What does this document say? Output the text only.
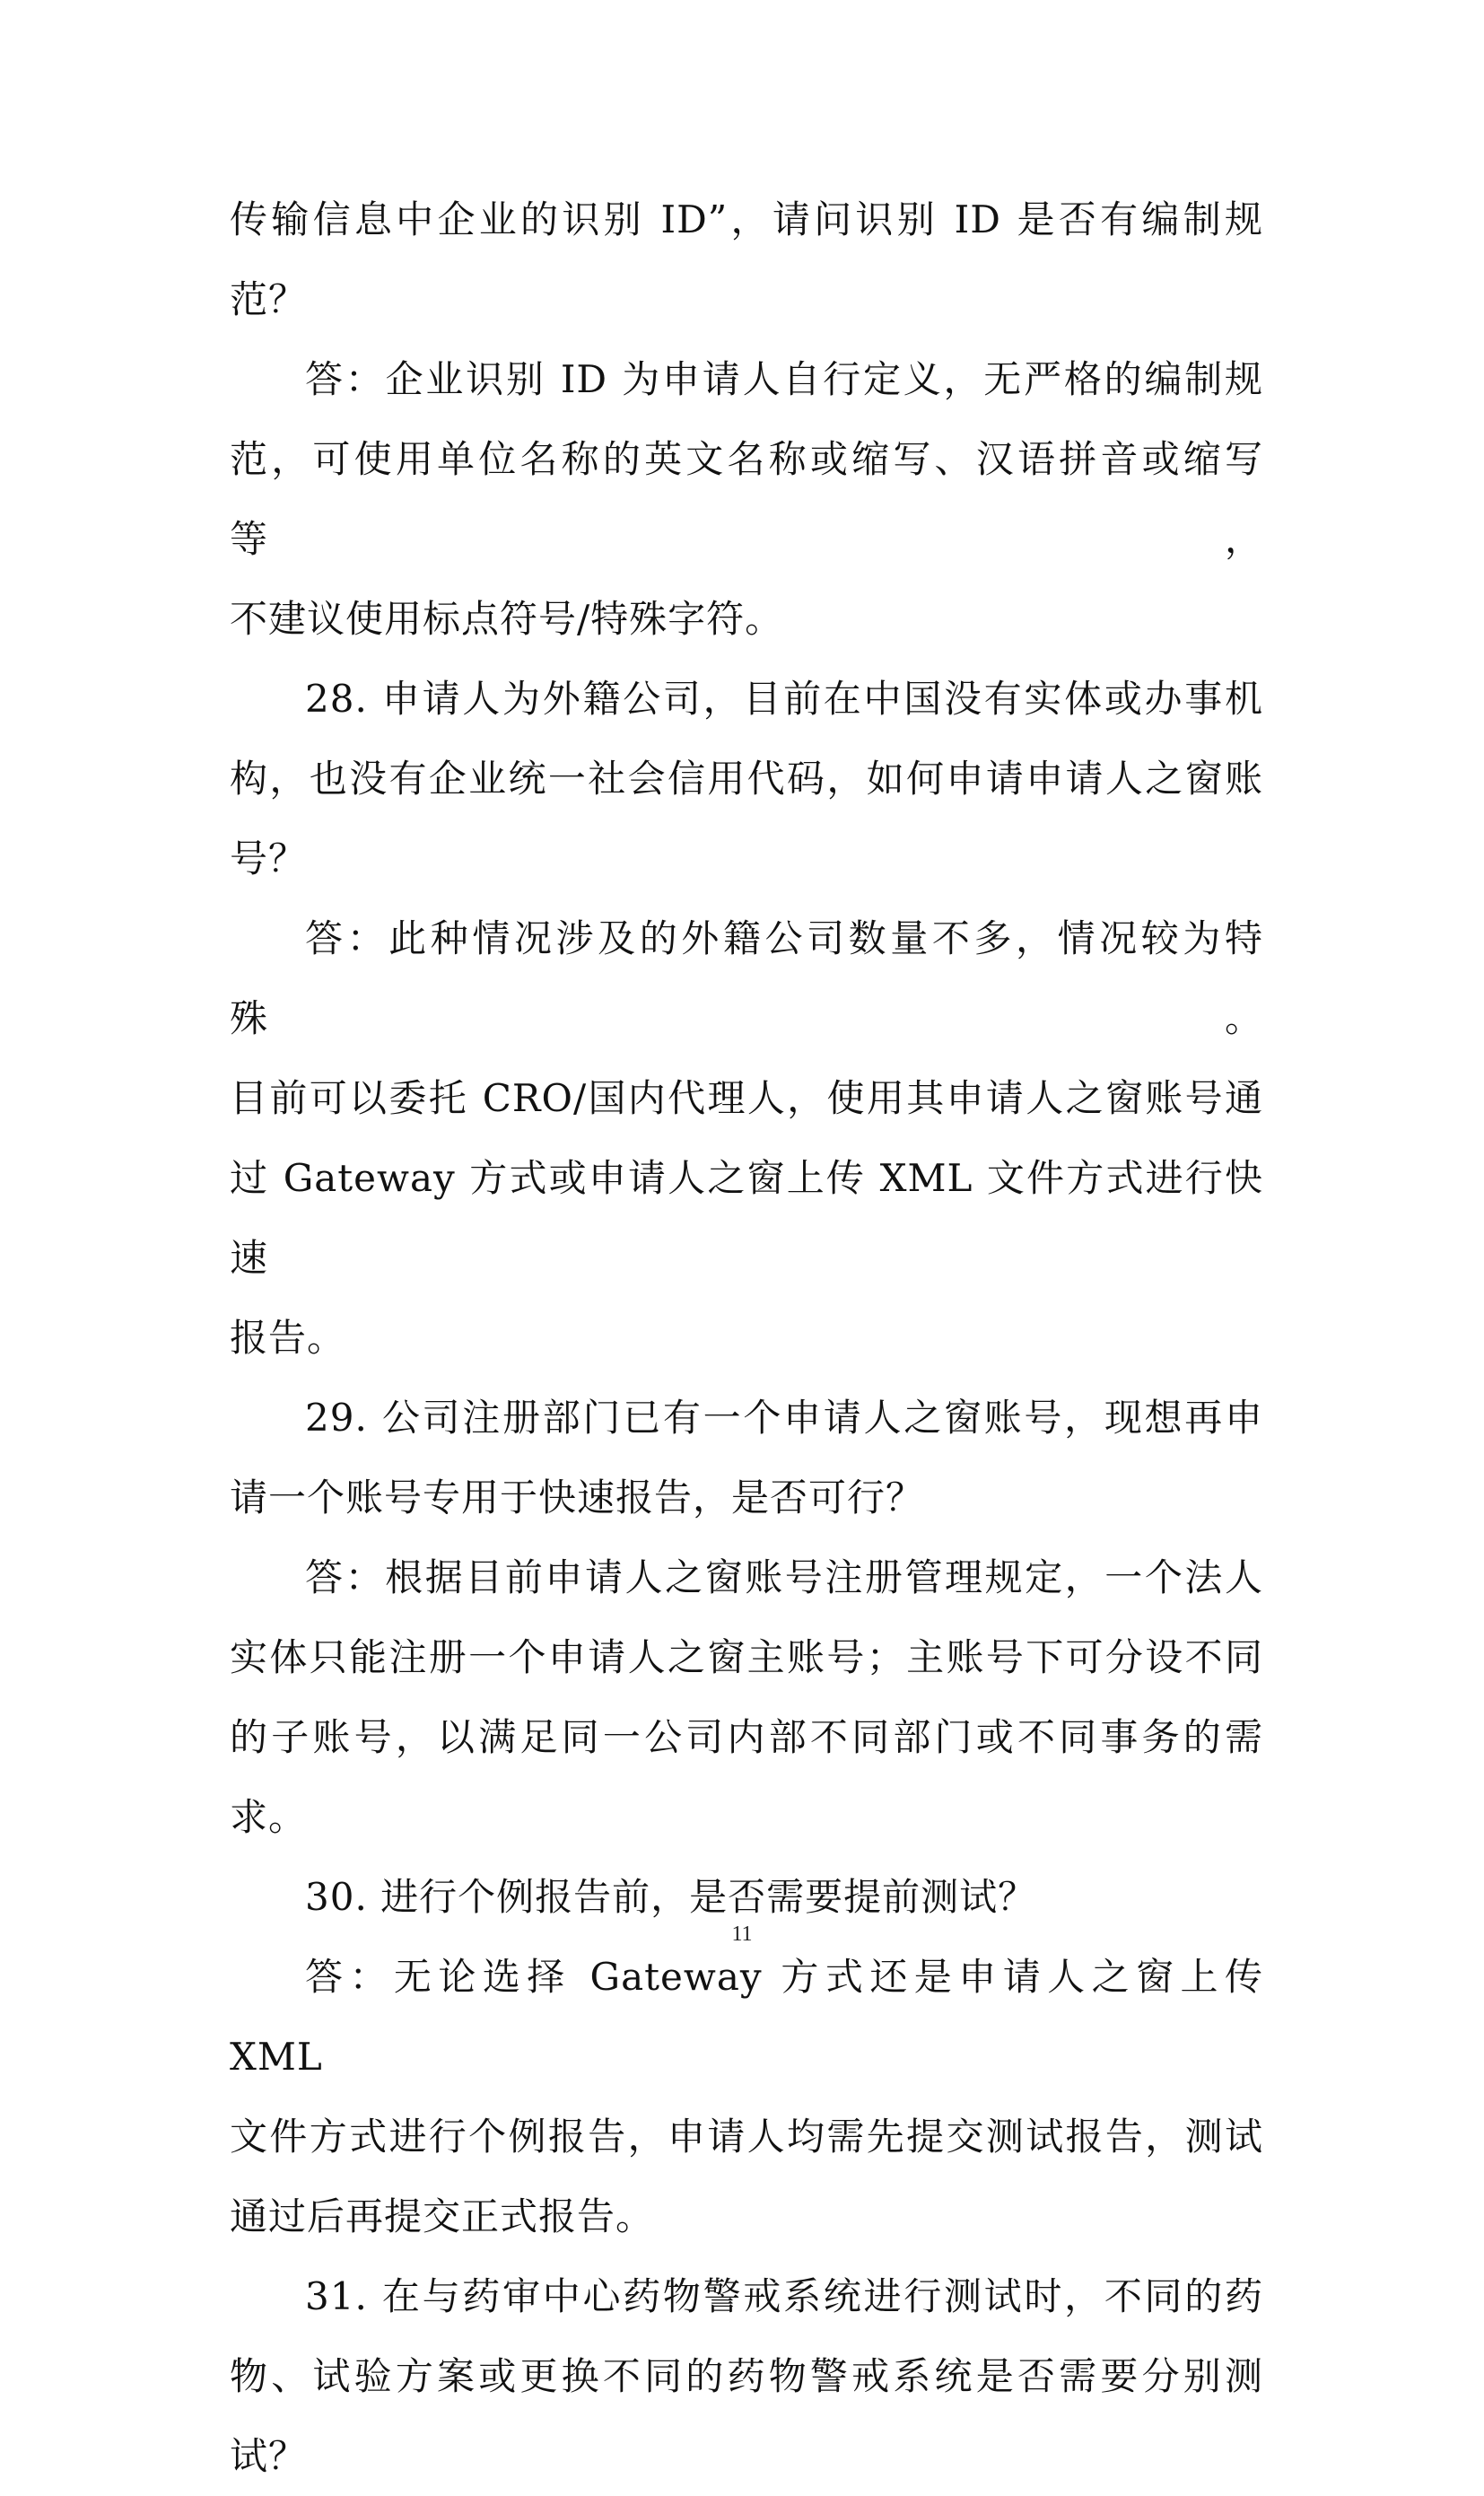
传输信息中企业的识别 ID”，请问识别 ID 是否有编制规范？

答：企业识别 ID 为申请人自行定义，无严格的编制规
范，可使用单位名称的英文名称或缩写、汉语拼音或缩写等，
不建议使用标点符号/特殊字符。

28. 申请人为外籍公司，目前在中国没有实体或办事机
构，也没有企业统一社会信用代码，如何申请申请人之窗账
号？

答：此种情况涉及的外籍公司数量不多，情况较为特殊。
目前可以委托 CRO/国内代理人，使用其申请人之窗账号通
过 Gateway 方式或申请人之窗上传 XML 文件方式进行快速
报告。

29. 公司注册部门已有一个申请人之窗账号，现想再申
请一个账号专用于快速报告，是否可行？

答：根据目前申请人之窗账号注册管理规定，一个法人
实体只能注册一个申请人之窗主账号；主账号下可分设不同
的子账号，以满足同一公司内部不同部门或不同事务的需求。

30. 进行个例报告前，是否需要提前测试？

答：无论选择 Gateway 方式还是申请人之窗上传 XML
文件方式进行个例报告，申请人均需先提交测试报告，测试
通过后再提交正式报告。

31. 在与药审中心药物警戒系统进行测试时，不同的药
物、试验方案或更换不同的药物警戒系统是否需要分别测试？

11
